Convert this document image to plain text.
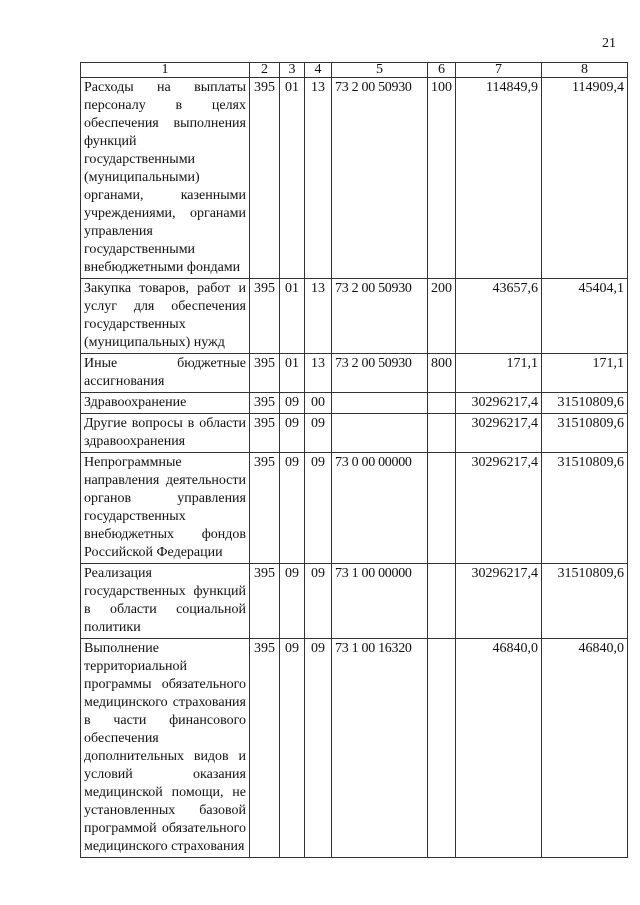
21
1	2	3	4	5	6	7	8
Расходы на выплаты персоналу в целях обеспечения выполнения функций государственными (муниципальными) органами, казенными учреждениями, органами управления государственными внебюджетными фондами	395	01	13	73 2 00 50930	100	114849,9	114909,4
Закупка товаров, работ и услуг для обеспечения государственных (муниципальных) нужд	395	01	13	73 2 00 50930	200	43657,6	45404,1
Иные бюджетные ассигнования	395	01	13	73 2 00 50930	800	171,1	171,1
Здравоохранение	395	09	00			30296217,4	31510809,6
Другие вопросы в области здравоохранения	395	09	09			30296217,4	31510809,6
Непрограммные направления деятельности органов управления государственных внебюджетных фондов Российской Федерации	395	09	09	73 0 00 00000		30296217,4	31510809,6
Реализация государственных функций в области социальной политики	395	09	09	73 1 00 00000		30296217,4	31510809,6
Выполнение территориальной программы обязательного медицинского страхования в части финансового обеспечения дополнительных видов и условий оказания медицинской помощи, не установленных базовой программой обязательного медицинского страхования	395	09	09	73 1 00 16320		46840,0	46840,0
